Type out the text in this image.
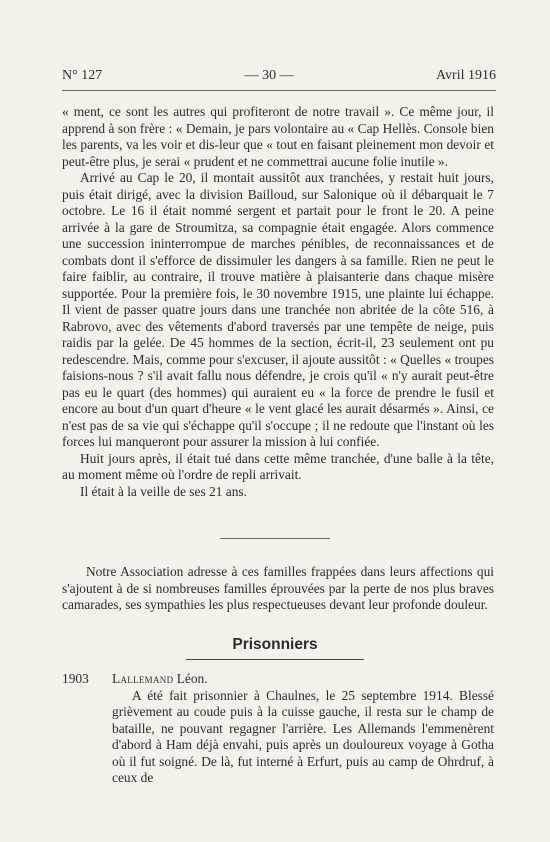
N° 127	— 30 —	Avril 1916

« ment, ce sont les autres qui profiteront de notre travail ». Ce même jour, il apprend à son frère : « Demain, je pars volontaire au « Cap Hellès. Console bien les parents, va les voir et dis-leur que « tout en faisant pleinement mon devoir et peut-être plus, je serai « prudent et ne commettrai aucune folie inutile ».

Arrivé au Cap le 20, il montait aussitôt aux tranchées, y restait huit jours, puis était dirigé, avec la division Bailloud, sur Salonique où il débarquait le 7 octobre. Le 16 il était nommé sergent et partait pour le front le 20. A peine arrivée à la gare de Stroumitza, sa compagnie était engagée. Alors commence une succession ininterrompue de marches pénibles, de reconnaissances et de combats dont il s'efforce de dissimuler les dangers à sa famille. Rien ne peut le faire faiblir, au contraire, il trouve matière à plaisanterie dans chaque misère supportée. Pour la première fois, le 30 novembre 1915, une plainte lui échappe. Il vient de passer quatre jours dans une tranchée non abritée de la côte 516, à Rabrovo, avec des vêtements d'abord traversés par une tempête de neige, puis raidis par la gelée. De 45 hommes de la section, écrit-il, 23 seulement ont pu redescendre. Mais, comme pour s'excuser, il ajoute aussitôt : « Quelles « troupes faisions-nous ? s'il avait fallu nous défendre, je crois qu'il « n'y aurait peut-être pas eu le quart (des hommes) qui auraient eu « la force de prendre le fusil et encore au bout d'un quart d'heure « le vent glacé les aurait désarmés ». Ainsi, ce n'est pas de sa vie qui s'échappe qu'il s'occupe ; il ne redoute que l'instant où les forces lui manqueront pour assurer la mission à lui confiée.

Huit jours après, il était tué dans cette même tranchée, d'une balle à la tête, au moment même où l'ordre de repli arrivait.

Il était à la veille de ses 21 ans.

Notre Association adresse à ces familles frappées dans leurs affections qui s'ajoutent à de si nombreuses familles éprouvées par la perte de nos plus braves camarades, ses sympathies les plus respectueuses devant leur profonde douleur.

Prisonniers
1903	Lallemand Léon.

A été fait prisonnier à Chaulnes, le 25 septembre 1914. Blessé grièvement au coude puis à la cuisse gauche, il resta sur le champ de bataille, ne pouvant regagner l'arrière. Les Allemands l'emmenèrent d'abord à Ham déjà envahi, puis après un douloureux voyage à Gotha où il fut soigné. De là, fut interné à Erfurt, puis au camp de Ohrdruf, à ceux de
